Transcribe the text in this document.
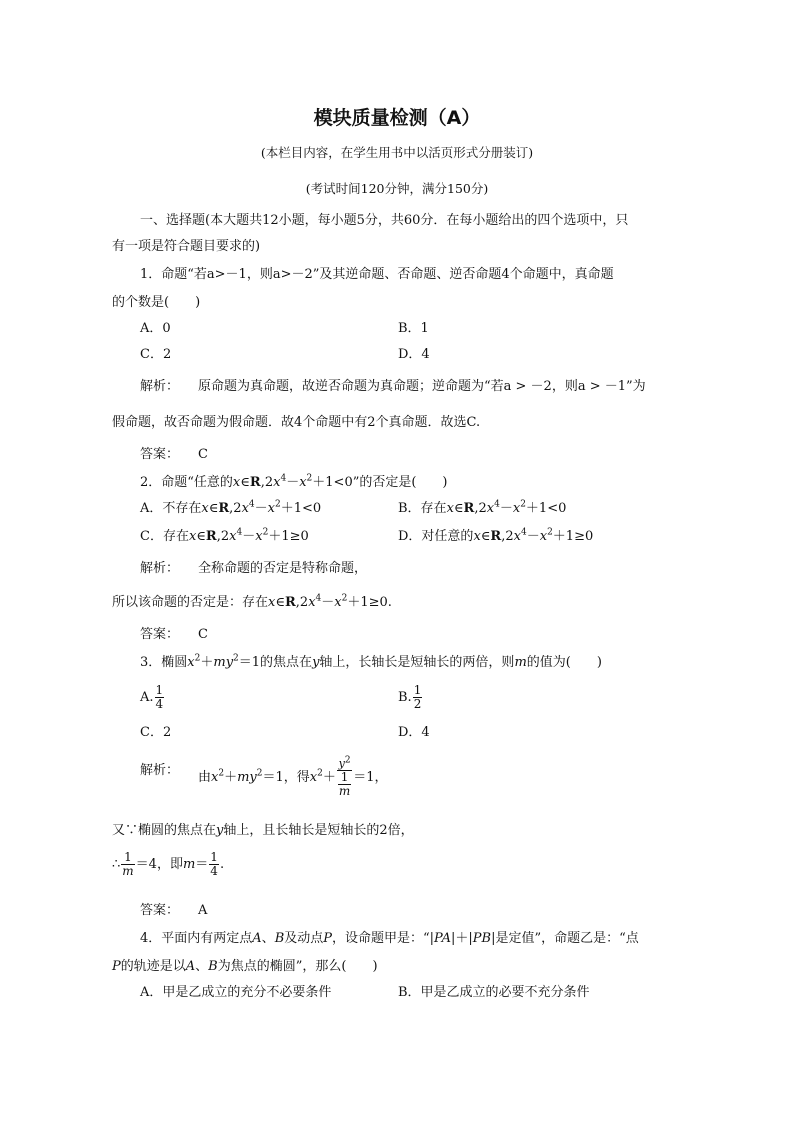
模块质量检测（A）
(本栏目内容，在学生用书中以活页形式分册装订)
(考试时间120分钟，满分150分)
一、选择题(本大题共12小题，每小题5分，共60分．在每小题给出的四个选项中，只
有一项是符合题目要求的)
1．命题“若a>－1，则a>－2”及其逆命题、否命题、逆否命题4个命题中，真命题
的个数是(　　)
A．0	B．1
C．2	D．4
解析： 原命题为真命题，故逆否命题为真命题；逆命题为“若a > －2，则a > －1”为
假命题，故否命题为假命题．故4个命题中有2个真命题．故选C.
答案： C
2．命题“任意的$x\in R,2x^4-x^2+1<0$”的否定是(　　)
A．不存在$x\in R,2x^4-x^2+1<0$	B．存在$x\in R,2x^4-x^2+1<0$
C．存在$x\in R,2x^4-x^2+1\ge 0$	D．对任意的$x\in R,2x^4-x^2+1\ge 0$
解析： 全称命题的否定是特称命题，
所以该命题的否定是：存在$x\in R,2x^4-x^2+1\ge 0$.
答案： C
3．椭圆$x^2+my^2=1$的焦点在y轴上，长轴长是短轴长的两倍，则m的值为(　　)
A. $\frac{1}{4}$	B. $\frac{1}{2}$
C．2	D．4
解析： 由$x^2+my^2=1$，得$x^2+ \frac{y^2}{\frac{1}{m}} =1$，
又∵椭圆的焦点在y轴上，且长轴长是短轴长的2倍，
∴ $\frac{1}{m} =4$，即$m= \frac{1}{4}$ .
答案： A
4．平面内有两定点A、B及动点P，设命题甲是：“|PA|＋|PB|是定值”，命题乙是：“点
P的轨迹是以A、B为焦点的椭圆”，那么(　　)
A．甲是乙成立的充分不必要条件	B．甲是乙成立的必要不充分条件
